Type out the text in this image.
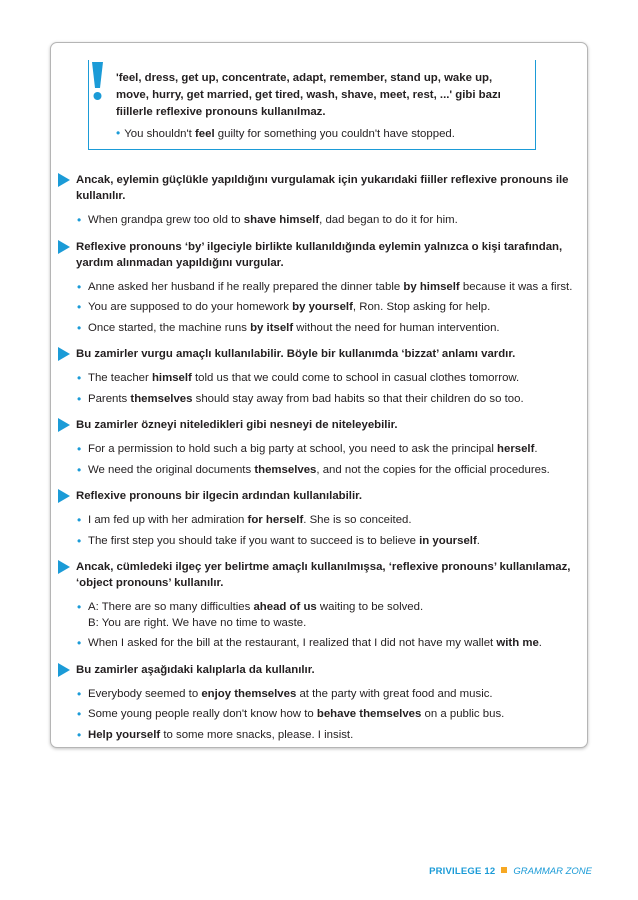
'feel, dress, get up, concentrate, adapt, remember, stand up, wake up, move, hurry, get married, get tired, wash, shave, meet, rest, ...' gibi bazı fiillerle reflexive pronouns kullanılmaz.
• You shouldn't feel guilty for something you couldn't have stopped.
Ancak, eylemin güçlükle yapıldığını vurgulamak için yukarıdaki fiiller reflexive pronouns ile kullanılır.
• When grandpa grew too old to shave himself, dad began to do it for him.
Reflexive pronouns ‘by’ ilgeciyle birlikte kullanıldığında eylemin yalnızca o kişi tarafından, yardım alınmadan yapıldığını vurgular.
• Anne asked her husband if he really prepared the dinner table by himself because it was a first.
• You are supposed to do your homework by yourself, Ron. Stop asking for help.
• Once started, the machine runs by itself without the need for human intervention.
Bu zamirler vurgu amaçlı kullanılabilir. Böyle bir kullanımda ‘bizzat’ anlamı vardır.
• The teacher himself told us that we could come to school in casual clothes tomorrow.
• Parents themselves should stay away from bad habits so that their children do so too.
Bu zamirler özneyi niteledikleri gibi nesneyi de niteleyebilir.
• For a permission to hold such a big party at school, you need to ask the principal herself.
• We need the original documents themselves, and not the copies for the official procedures.
Reflexive pronouns bir ilgecin ardından kullanılabilir.
• I am fed up with her admiration for herself. She is so conceited.
• The first step you should take if you want to succeed is to believe in yourself.
Ancak, cümledeki ilgeç yer belirtme amaçlı kullanılmışsa, ‘reflexive pronouns’ kullanılamaz, ‘object pronouns’ kullanılır.
• A: There are so many difficulties ahead of us waiting to be solved.
B: You are right. We have no time to waste.
• When I asked for the bill at the restaurant, I realized that I did not have my wallet with me.
Bu zamirler aşağıdaki kalıplarla da kullanılır.
• Everybody seemed to enjoy themselves at the party with great food and music.
• Some young people really don't know how to behave themselves on a public bus.
• Help yourself to some more snacks, please. I insist.
PRIVILEGE 12 GRAMMAR ZONE
